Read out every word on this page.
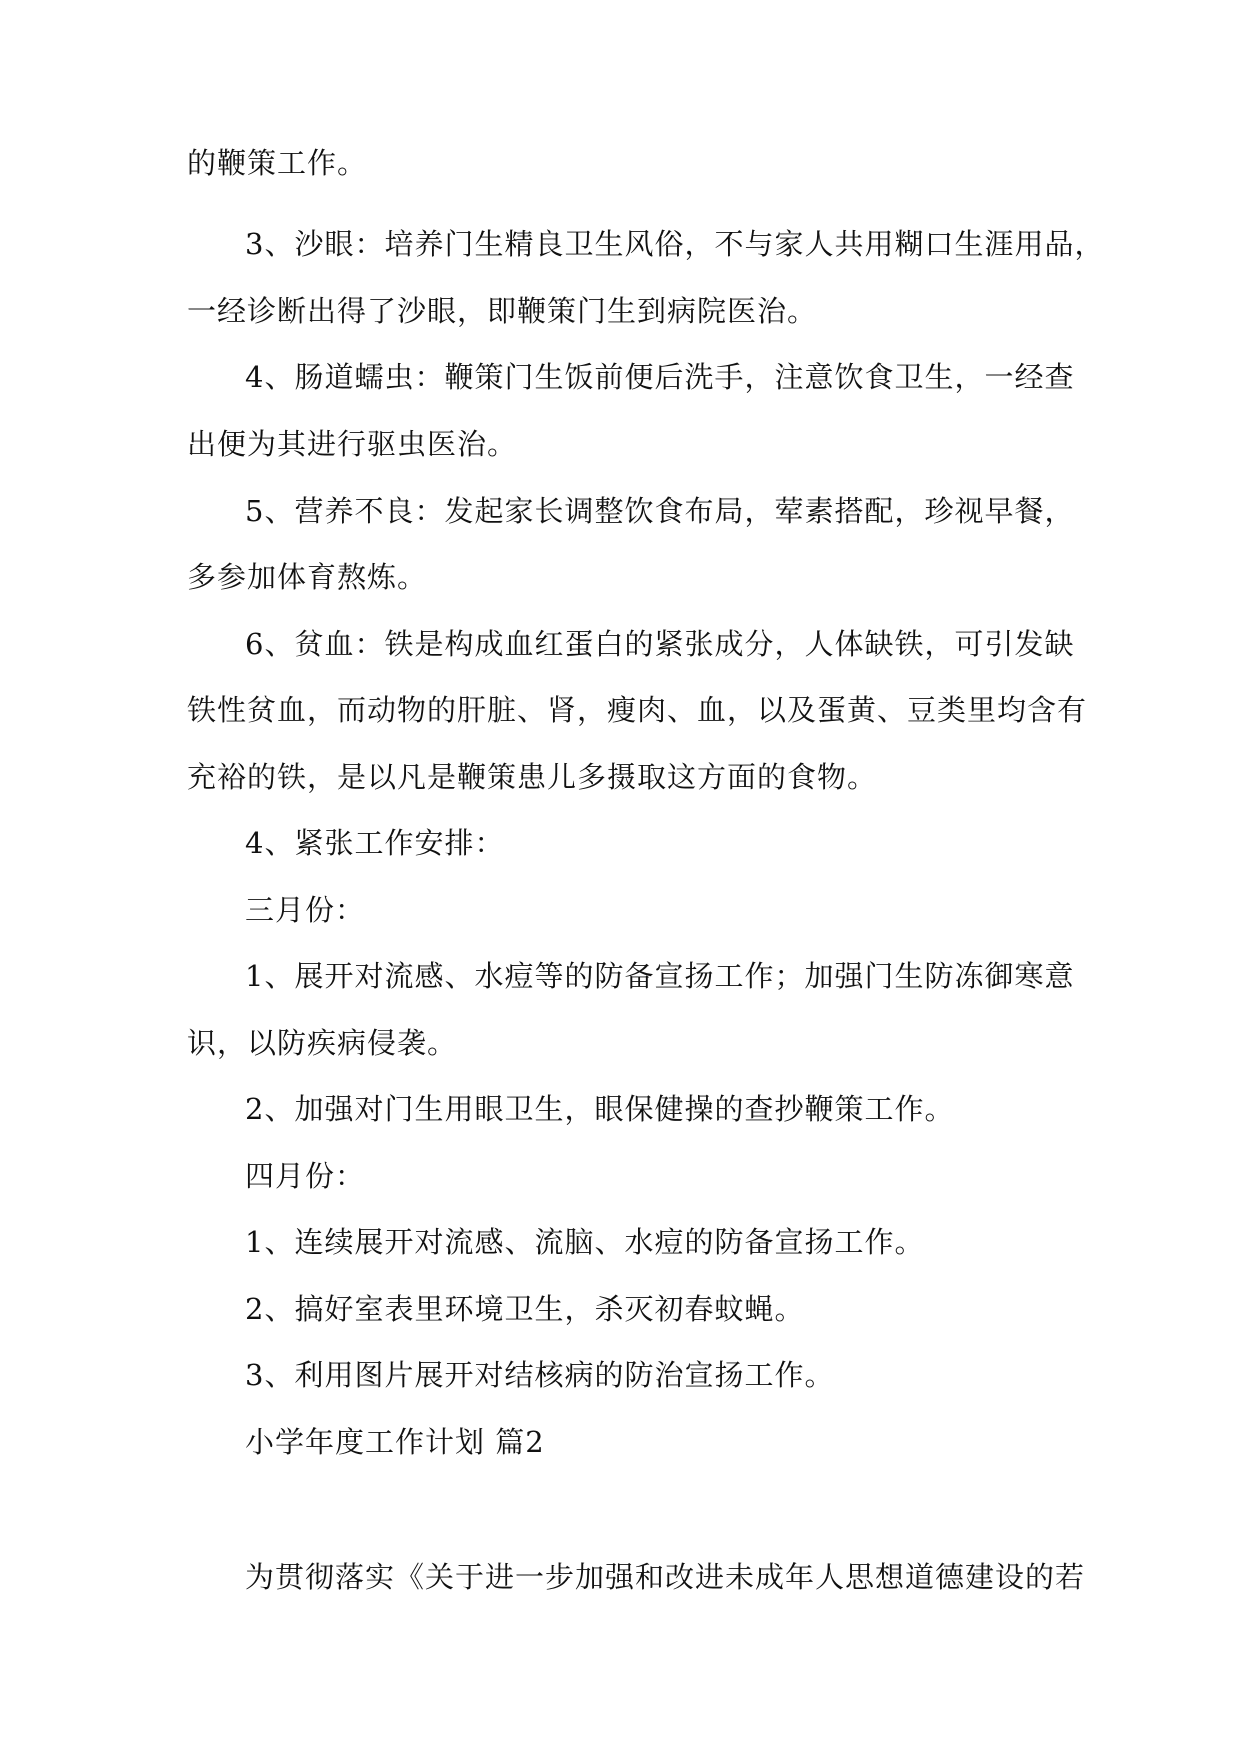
的鞭策工作。
3、沙眼：培养门生精良卫生风俗，不与家人共用糊口生涯用品，
一经诊断出得了沙眼，即鞭策门生到病院医治。
4、肠道蠕虫：鞭策门生饭前便后洗手，注意饮食卫生，一经查
出便为其进行驱虫医治。
5、营养不良：发起家长调整饮食布局，荤素搭配，珍视早餐，
多参加体育熬炼。
6、贫血：铁是构成血红蛋白的紧张成分，人体缺铁，可引发缺
铁性贫血，而动物的肝脏、肾，瘦肉、血，以及蛋黄、豆类里均含有
充裕的铁，是以凡是鞭策患儿多摄取这方面的食物。
4、紧张工作安排：
三月份：
1、展开对流感、水痘等的防备宣扬工作；加强门生防冻御寒意
识，以防疾病侵袭。
2、加强对门生用眼卫生，眼保健操的查抄鞭策工作。
四月份：
1、连续展开对流感、流脑、水痘的防备宣扬工作。
2、搞好室表里环境卫生，杀灭初春蚊蝇。
3、利用图片展开对结核病的防治宣扬工作。
小学年度工作计划 篇2
为贯彻落实《关于进一步加强和改进未成年人思想道德建设的若
